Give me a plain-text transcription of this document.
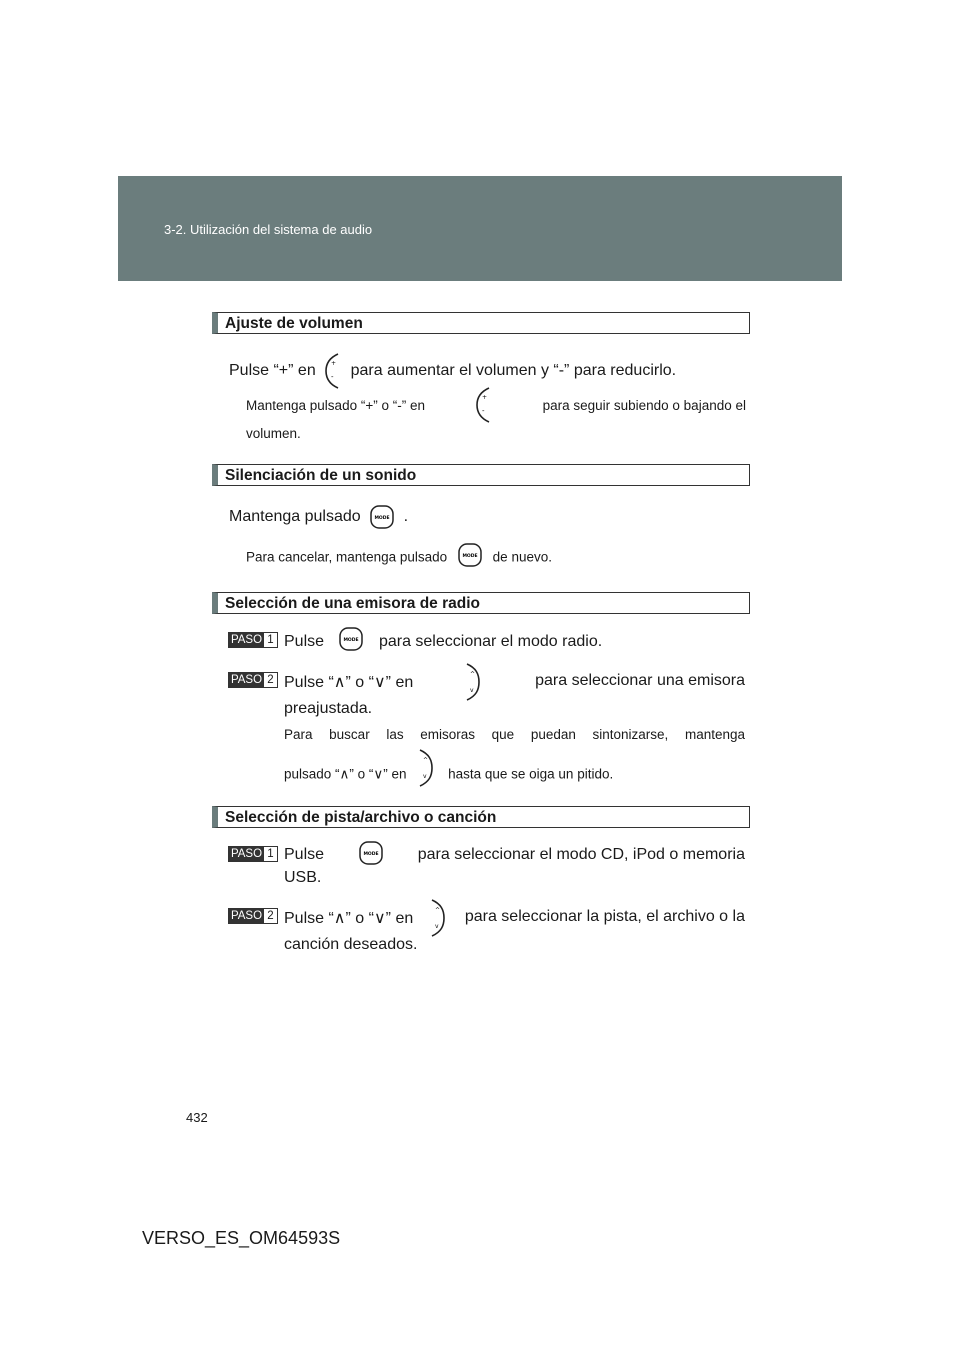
3-2. Utilización del sistema de audio
Ajuste de volumen
Pulse “+” en	+
- para aumentar el volumen y “-” para reducirlo.
Mantenga pulsado “+” o “-” en
+
-	para seguir subiendo o bajando el
volumen.
Silenciación de un sonido
Mantenga pulsado	MODE .
Para cancelar, mantenga pulsado	MODE de nuevo.
Selección de una emisora de radio
PASO 1 Pulse	MODE para seleccionar el modo radio.
PASO 2 Pulse “∧” o “∨” en	^
v
para seleccionar una emisora
preajustada.
Para buscar las emisoras que puedan sintonizarse, mantenga
pulsado “∧” o “∨” en
^
v hasta que se oiga un pitido.
Selección de pista/archivo o canción
PASO 1 Pulse	MODE para seleccionar el modo CD, iPod o memoria
USB.
PASO 2 Pulse “∧” o “∨” en	^
v
para seleccionar la pista, el archivo o la
canción deseados.
432
VERSO_ES_OM64593S
